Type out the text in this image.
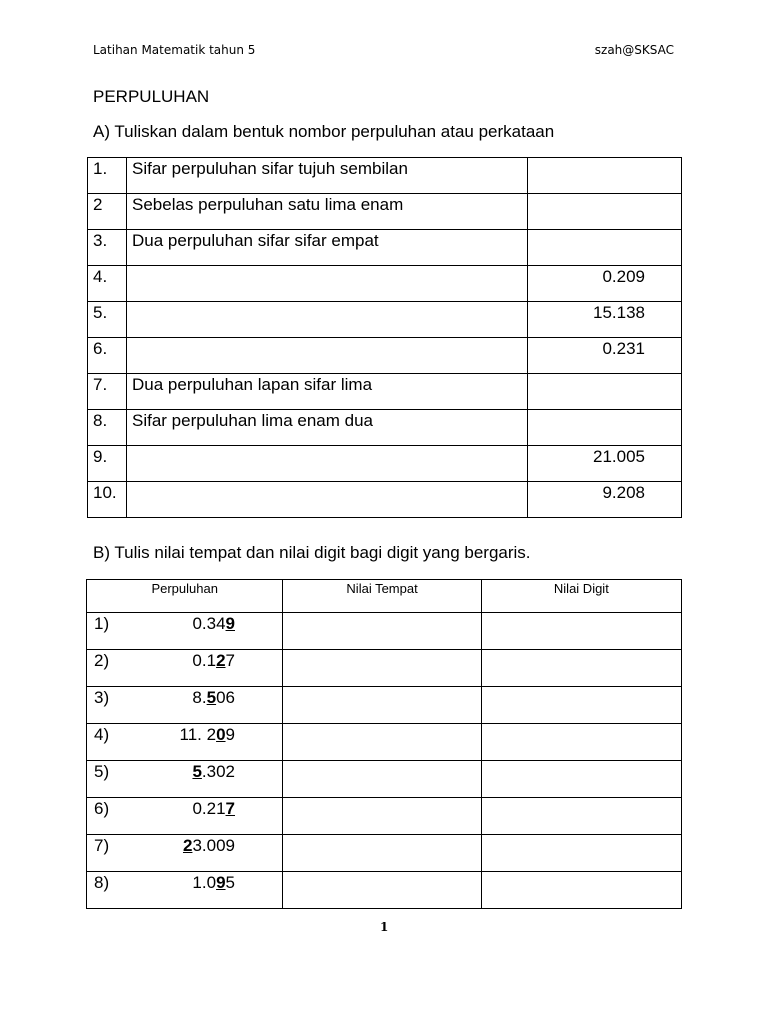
Latihan Matematik tahun 5	szah@SKSAC
PERPULUHAN
A) Tuliskan dalam bentuk nombor perpuluhan atau perkataan
1.	Sifar perpuluhan sifar tujuh sembilan	
2	Sebelas perpuluhan satu lima enam	
3.	Dua perpuluhan sifar sifar empat	
4.		0.209
5.		15.138
6.		0.231
7.	Dua perpuluhan lapan sifar lima	
8.	Sifar perpuluhan lima enam dua	
9.		21.005
10.		9.208
B) Tulis nilai tempat dan nilai digit bagi digit yang bergaris.
Perpuluhan	Nilai Tempat	Nilai Digit
1) 0.349		

2) 0.127		

3) 8.506		

4) 11. 209		

5) 5.302		

6) 0.217		

7) 23.009		

8) 1.095		

1
